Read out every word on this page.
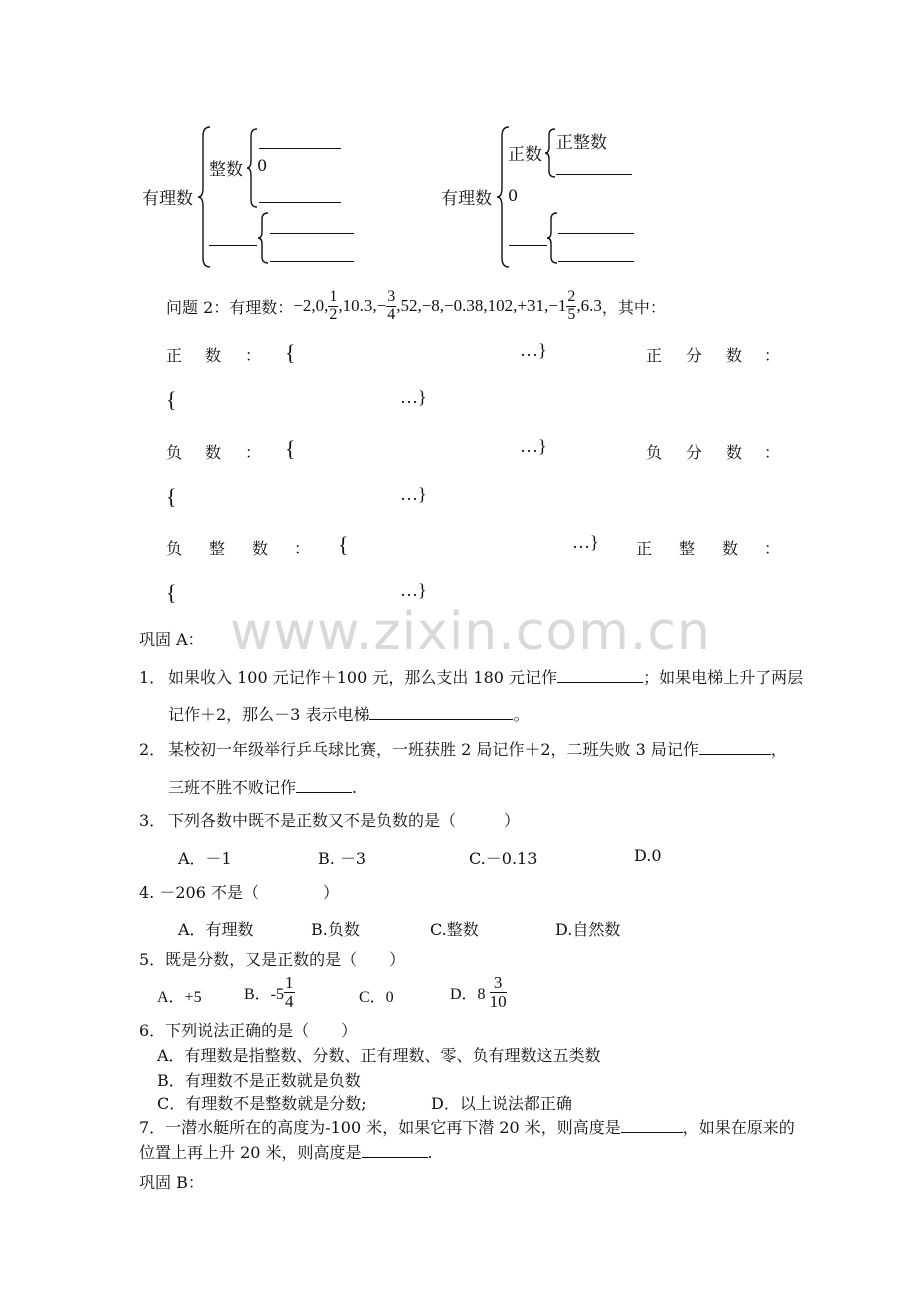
www.zixin.com.cn
有理数
整数 0
有理数
正数
正整数
0
问题 2：有理数： −2,0, $\frac{1}{2} ,10.3,- \frac{3}{4} ,52,-8,-0.38,102,+31,-1 \frac{2}{5} ,6.3$ ，其中：
正 数 ： {	…}	正 分 数 ：
{	…}
负 数 ： {	…}	负 分 数 ：
{	…}
负 整 数 ： {	…} 正 整 数 ：
{	…}
巩固 A：
1． 如果收入 100 元记作＋100 元，那么支出 180 元记作	；如果电梯上升了两层
记作＋2，那么－3 表示电梯	。
2． 某校初一年级举行乒乓球比赛，一班获胜 2 局记作＋2，二班失败 3 局记作	，
三班不胜不败记作	.
3． 下列各数中既不是正数又不是负数的是（　　　）
A．－1	B. －3	C.－0.13	D.0
4. －206 不是（　　　　）
A．有理数	B.负数	C.整数	D.自然数
5．既是分数，又是正数的是（　　）
A．+5	B．$-5 \frac{1}{4}$	C．0	D．$8 \frac{3}{10}$
6．下列说法正确的是（　　）
A．有理数是指整数、分数、正有理数、零、负有理数这五类数
B．有理数不是正数就是负数
C．有理数不是整数就是分数;	D．以上说法都正确
7．一潜水艇所在的高度为-100 米，如果它再下潜 20 米，则高度是	，如果在原来的
位置上再上升 20 米，则高度是	.
巩固 B：
